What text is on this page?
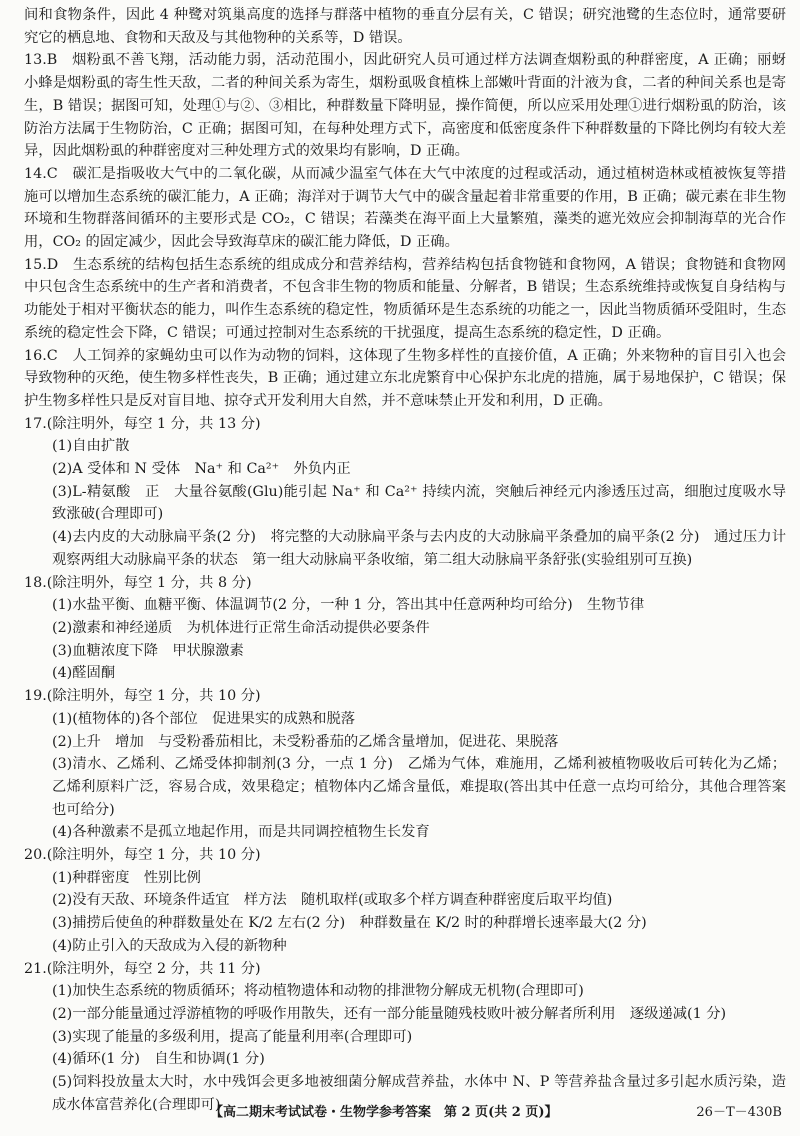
间和食物条件，因此 4 种鹭对筑巢高度的选择与群落中植物的垂直分层有关，C 错误；研究池鹭的生态位时，通常要研究它的栖息地、食物和天敌及与其他物种的关系等，D 错误。

13.B　烟粉虱不善飞翔，活动能力弱，活动范围小，因此研究人员可通过样方法调查烟粉虱的种群密度，A 正确；丽蚜小蜂是烟粉虱的寄生性天敌，二者的种间关系为寄生，烟粉虱吸食植株上部嫩叶背面的汁液为食，二者的种间关系也是寄生，B 错误；据图可知，处理①与②、③相比，种群数量下降明显，操作简便，所以应采用处理①进行烟粉虱的防治，该防治方法属于生物防治，C 正确；据图可知，在每种处理方式下，高密度和低密度条件下种群数量的下降比例均有较大差异，因此烟粉虱的种群密度对三种处理方式的效果均有影响，D 正确。

14.C　碳汇是指吸收大气中的二氧化碳，从而减少温室气体在大气中浓度的过程或活动，通过植树造林或植被恢复等措施可以增加生态系统的碳汇能力，A 正确；海洋对于调节大气中的碳含量起着非常重要的作用，B 正确；碳元素在非生物环境和生物群落间循环的主要形式是 CO₂，C 错误；若藻类在海平面上大量繁殖，藻类的遮光效应会抑制海草的光合作用，CO₂ 的固定减少，因此会导致海草床的碳汇能力降低，D 正确。

15.D　生态系统的结构包括生态系统的组成成分和营养结构，营养结构包括食物链和食物网，A 错误；食物链和食物网中只包含生态系统中的生产者和消费者，不包含非生物的物质和能量、分解者，B 错误；生态系统维持或恢复自身结构与功能处于相对平衡状态的能力，叫作生态系统的稳定性，物质循环是生态系统的功能之一，因此当物质循环受阻时，生态系统的稳定性会下降，C 错误；可通过控制对生态系统的干扰强度，提高生态系统的稳定性，D 正确。

16.C　人工饲养的家蝇幼虫可以作为动物的饲料，这体现了生物多样性的直接价值，A 正确；外来物种的盲目引入也会导致物种的灭绝，使生物多样性丧失，B 正确；通过建立东北虎繁育中心保护东北虎的措施，属于易地保护，C 错误；保护生物多样性只是反对盲目地、掠夺式开发利用大自然，并不意味禁止开发和利用，D 正确。

17.(除注明外，每空 1 分，共 13 分)

(1)自由扩散

(2)A 受体和 N 受体　Na⁺ 和 Ca²⁺　外负内正

(3)L-精氨酸　正　大量谷氨酸(Glu)能引起 Na⁺ 和 Ca²⁺ 持续内流，突触后神经元内渗透压过高，细胞过度吸水导致涨破(合理即可)

(4)去内皮的大动脉扁平条(2 分)　将完整的大动脉扁平条与去内皮的大动脉扁平条叠加的扁平条(2 分)　通过压力计观察两组大动脉扁平条的状态　第一组大动脉扁平条收缩，第二组大动脉扁平条舒张(实验组别可互换)

18.(除注明外，每空 1 分，共 8 分)

(1)水盐平衡、血糖平衡、体温调节(2 分，一种 1 分，答出其中任意两种均可给分)　生物节律

(2)激素和神经递质　为机体进行正常生命活动提供必要条件

(3)血糖浓度下降　甲状腺激素

(4)醛固酮

19.(除注明外，每空 1 分，共 10 分)

(1)(植物体的)各个部位　促进果实的成熟和脱落

(2)上升　增加　与受粉番茄相比，未受粉番茄的乙烯含量增加，促进花、果脱落

(3)清水、乙烯利、乙烯受体抑制剂(3 分，一点 1 分)　乙烯为气体，难施用，乙烯利被植物吸收后可转化为乙烯；乙烯利原料广泛，容易合成，效果稳定；植物体内乙烯含量低，难提取(答出其中任意一点均可给分，其他合理答案也可给分)

(4)各种激素不是孤立地起作用，而是共同调控植物生长发育

20.(除注明外，每空 1 分，共 10 分)

(1)种群密度　性别比例

(2)没有天敌、环境条件适宜　样方法　随机取样(或取多个样方调查种群密度后取平均值)

(3)捕捞后使鱼的种群数量处在 K/2 左右(2 分)　种群数量在 K/2 时的种群增长速率最大(2 分)

(4)防止引入的天敌成为入侵的新物种

21.(除注明外，每空 2 分，共 11 分)

(1)加快生态系统的物质循环；将动植物遗体和动物的排泄物分解成无机物(合理即可)

(2)一部分能量通过浮游植物的呼吸作用散失，还有一部分能量随残枝败叶被分解者所利用　逐级递减(1 分)

(3)实现了能量的多级利用，提高了能量利用率(合理即可)

(4)循环(1 分)　自生和协调(1 分)

(5)饲料投放量太大时，水中残饵会更多地被细菌分解成营养盐，水体中 N、P 等营养盐含量过多引起水质污染，造成水体富营养化(合理即可)

【高二期末考试试卷・生物学参考答案　第 2 页(共 2 页)】	26－T－430B
